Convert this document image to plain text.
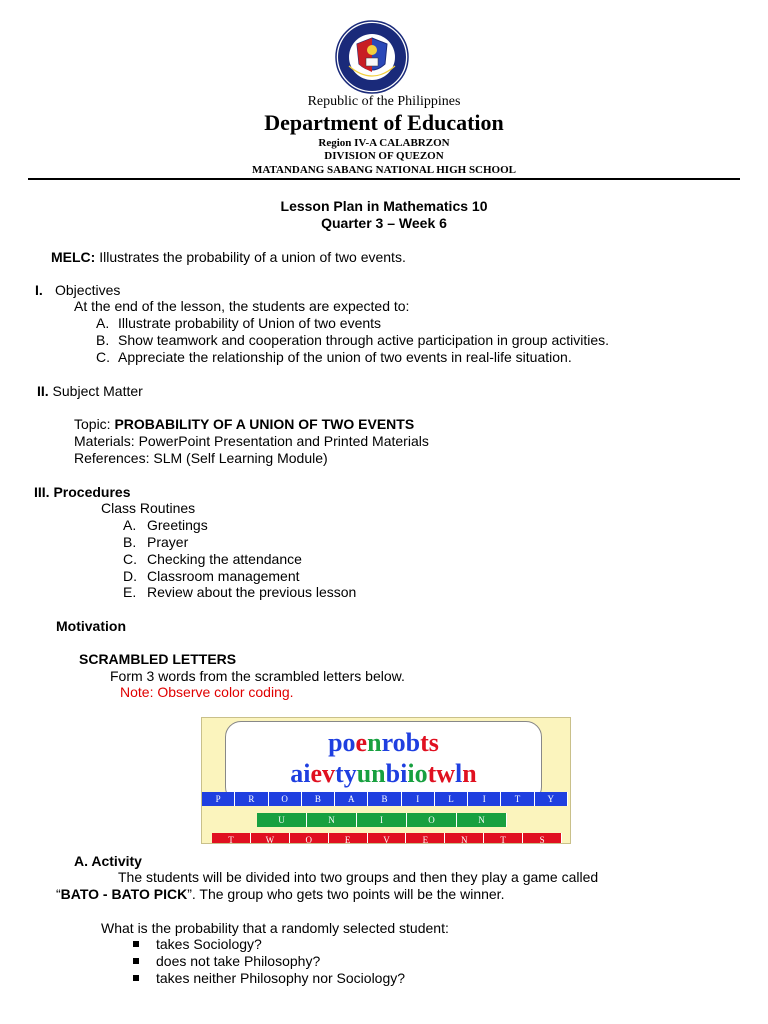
Republic of the Philippines
Department of Education
Region IV-A CALABRZON
DIVISION OF QUEZON
MATANDANG SABANG NATIONAL HIGH SCHOOL
Lesson Plan in Mathematics 10
Quarter 3 – Week 6
MELC: Illustrates the probability of a union of two events.
I. Objectives
At the end of the lesson, the students are expected to:
A. Illustrate probability of Union of two events
B. Show teamwork and cooperation through active participation in group activities.
C. Appreciate the relationship of the union of two events in real-life situation.
II. Subject Matter
Topic: PROBABILITY OF A UNION OF TWO EVENTS
Materials: PowerPoint Presentation and Printed Materials
References: SLM (Self Learning Module)
III. Procedures
Class Routines
A. Greetings
B. Prayer
C. Checking the attendance
D. Classroom management
E. Review about the previous lesson
Motivation
SCRAMBLED LETTERS
Form 3 words from the scrambled letters below.
Note: Observe color coding.
poenrobts
aievtyunbiiotwln
P	R	O	B	A	B	I	L	I	T	Y
U	N	I	O	N
T	W	O	E	V	E	N	T	S
A. Activity
The students will be divided into two groups and then they play a game called
“BATO - BATO PICK”. The group who gets two points will be the winner.
What is the probability that a randomly selected student:
takes Sociology?
does not take Philosophy?
takes neither Philosophy nor Sociology?
